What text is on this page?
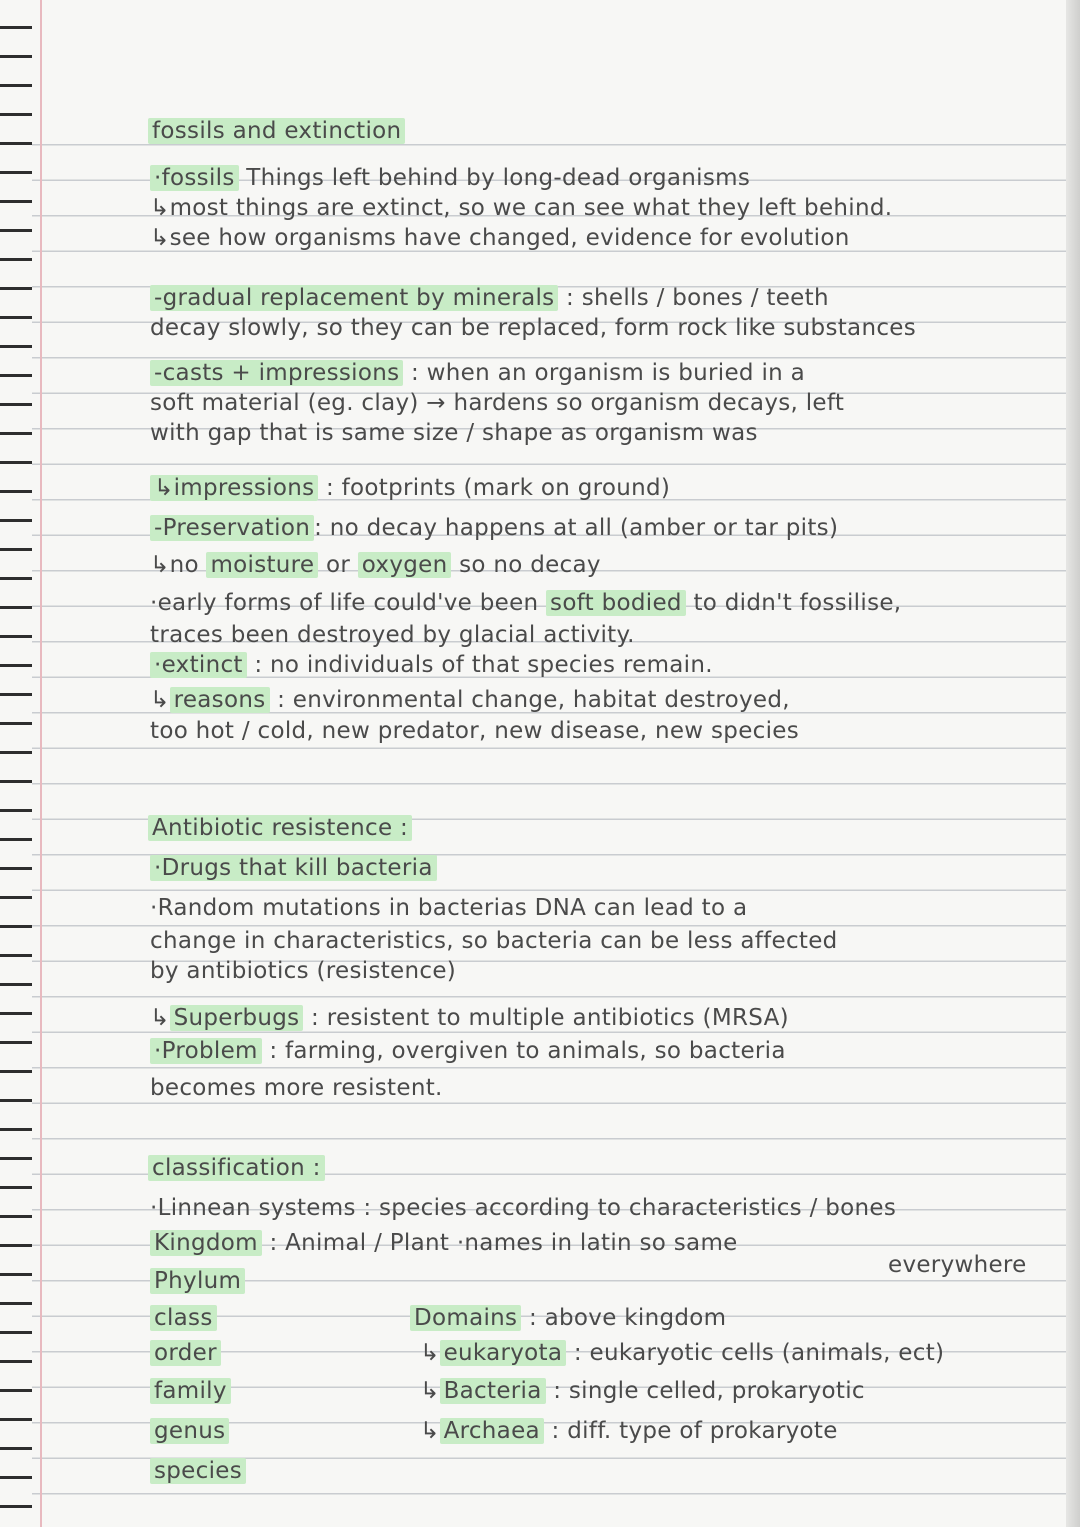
fossils and extinction
·fossils Things left behind by long-dead organisms
↳most things are extinct, so we can see what they left behind.
↳see how organisms have changed, evidence for evolution
-gradual replacement by minerals : shells / bones / teeth
decay slowly, so they can be replaced, form rock like substances
-casts + impressions : when an organism is buried in a
soft material (eg. clay) → hardens so organism decays, left
with gap that is same size / shape as organism was
↳impressions : footprints (mark on ground)
-Preservation : no decay happens at all (amber or tar pits)
↳no moisture or oxygen so no decay
·early forms of life could've been soft bodied to didn't fossilise,
traces been destroyed by glacial activity.
·extinct : no individuals of that species remain.
↳ reasons : environmental change, habitat destroyed,
too hot / cold, new predator, new disease, new species
Antibiotic resistence :
·Drugs that kill bacteria
·Random mutations in bacterias DNA can lead to a
change in characteristics, so bacteria can be less affected
by antibiotics (resistence)
↳ Superbugs : resistent to multiple antibiotics (MRSA)
·Problem : farming, overgiven to animals, so bacteria
becomes more resistent.
classification :
·Linnean systems : species according to characteristics / bones
Kingdom : Animal / Plant ·names in latin so same
Phylum
class
order
family
genus
species
everywhere
Domains : above kingdom
↳ eukaryota : eukaryotic cells (animals, ect)
↳ Bacteria : single celled, prokaryotic
↳ Archaea : diff. type of prokaryote
